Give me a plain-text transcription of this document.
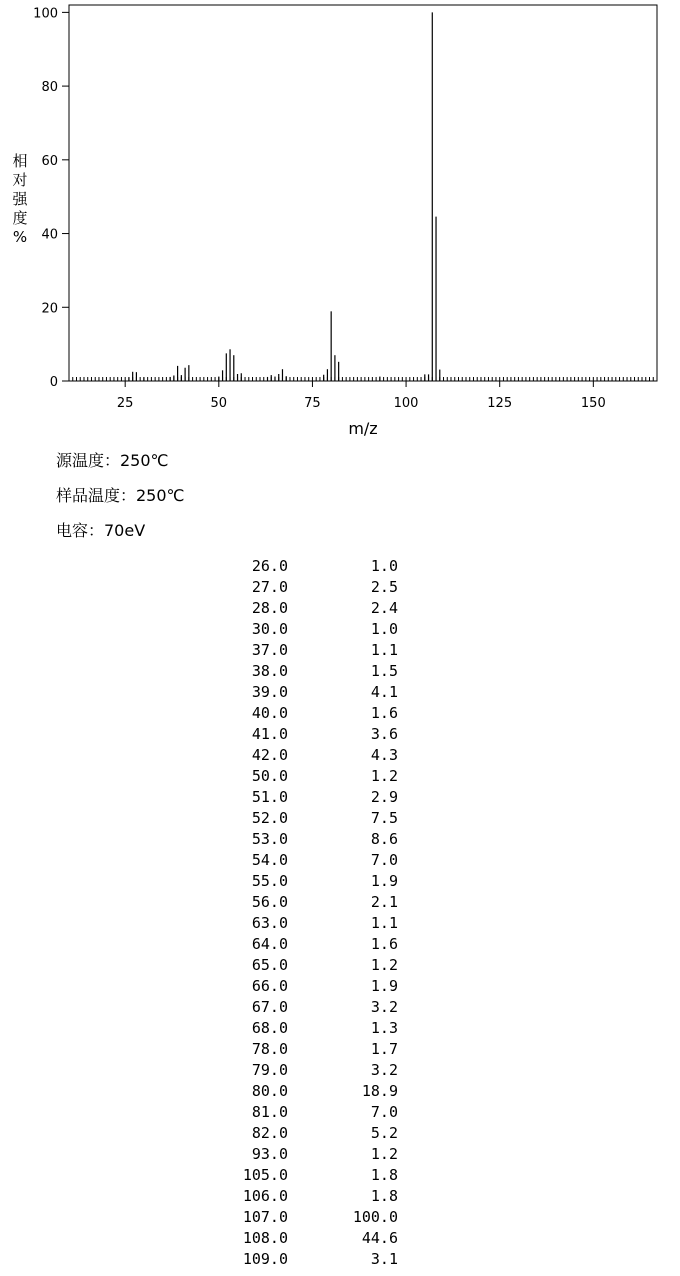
25	50	75	100	125	150
0
20
40
60
80
100
m/z
相
对
强
度
%
源温度：250℃
样品温度：250℃
电容：70eV
26.0	1.0
27.0	2.5
28.0	2.4
30.0	1.0
37.0	1.1
38.0	1.5
39.0	4.1
40.0	1.6
41.0	3.6
42.0	4.3
50.0	1.2
51.0	2.9
52.0	7.5
53.0	8.6
54.0	7.0
55.0	1.9
56.0	2.1
63.0	1.1
64.0	1.6
65.0	1.2
66.0	1.9
67.0	3.2
68.0	1.3
78.0	1.7
79.0	3.2
80.0	18.9
81.0	7.0
82.0	5.2
93.0	1.2
105.0	1.8
106.0	1.8
107.0	100.0
108.0	44.6
109.0	3.1
